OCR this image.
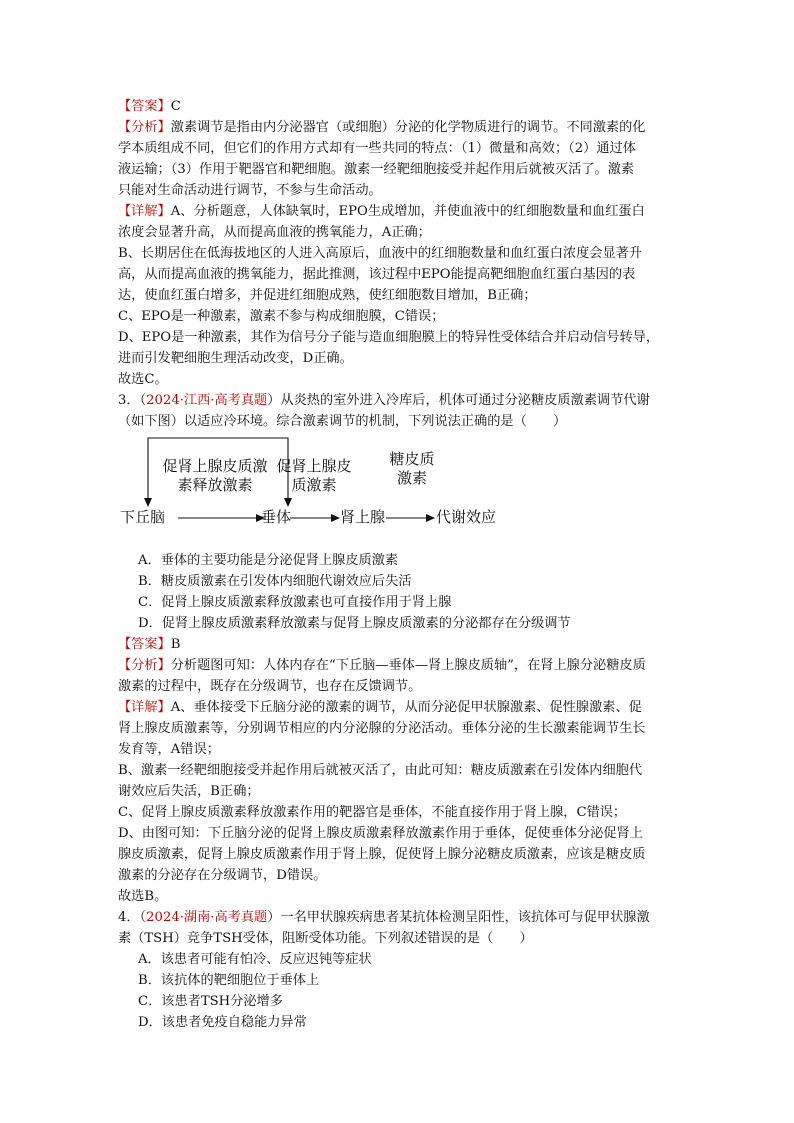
【答案】C
【分析】激素调节是指由内分泌器官（或细胞）分泌的化学物质进行的调节。不同激素的化
学本质组成不同，但它们的作用方式却有一些共同的特点：（1）微量和高效；（2）通过体
液运输；（3）作用于靶器官和靶细胞。激素一经靶细胞接受并起作用后就被灭活了。激素
只能对生命活动进行调节，不参与生命活动。
【详解】A、分析题意，人体缺氧时，EPO生成增加，并使血液中的红细胞数量和血红蛋白
浓度会显著升高，从而提高血液的携氧能力，A正确；
B、长期居住在低海拔地区的人进入高原后，血液中的红细胞数量和血红蛋白浓度会显著升
高，从而提高血液的携氧能力，据此推测，该过程中EPO能提高靶细胞血红蛋白基因的表
达，使血红蛋白增多，并促进红细胞成熟，使红细胞数目增加，B正确；
C、EPO是一种激素，激素不参与构成细胞膜，C错误；
D、EPO是一种激素，其作为信号分子能与造血细胞膜上的特异性受体结合并启动信号转导，
进而引发靶细胞生理活动改变，D正确。
故选C。
3．（2024·江西·高考真题）从炎热的室外进入冷库后，机体可通过分泌糖皮质激素调节代谢
（如下图）以适应冷环境。综合激素调节的机制，下列说法正确的是（　　）
促肾上腺皮质激
素释放激素
促肾上腺皮
质激素
糖皮质
激素
下丘脑	垂体	肾上腺	代谢效应
A．垂体的主要功能是分泌促肾上腺皮质激素
B．糖皮质激素在引发体内细胞代谢效应后失活
C．促肾上腺皮质激素释放激素也可直接作用于肾上腺
D．促肾上腺皮质激素释放激素与促肾上腺皮质激素的分泌都存在分级调节
【答案】B
【分析】分析题图可知：人体内存在“下丘脑—垂体—肾上腺皮质轴”，在肾上腺分泌糖皮质
激素的过程中，既存在分级调节，也存在反馈调节。
【详解】A、垂体接受下丘脑分泌的激素的调节，从而分泌促甲状腺激素、促性腺激素、促
肾上腺皮质激素等，分别调节相应的内分泌腺的分泌活动。垂体分泌的生长激素能调节生长
发育等，A错误；
B、激素一经靶细胞接受并起作用后就被灭活了，由此可知：糖皮质激素在引发体内细胞代
谢效应后失活，B正确；
C、促肾上腺皮质激素释放激素作用的靶器官是垂体，不能直接作用于肾上腺，C错误；
D、由图可知：下丘脑分泌的促肾上腺皮质激素释放激素作用于垂体，促使垂体分泌促肾上
腺皮质激素，促肾上腺皮质激素作用于肾上腺，促使肾上腺分泌糖皮质激素，应该是糖皮质
激素的分泌存在分级调节，D错误。
故选B。
4．（2024·湖南·高考真题）一名甲状腺疾病患者某抗体检测呈阳性，该抗体可与促甲状腺激
素（TSH）竞争TSH受体，阻断受体功能。下列叙述错误的是（　　）
A．该患者可能有怕冷、反应迟钝等症状
B．该抗体的靶细胞位于垂体上
C．该患者TSH分泌增多
D．该患者免疫自稳能力异常
